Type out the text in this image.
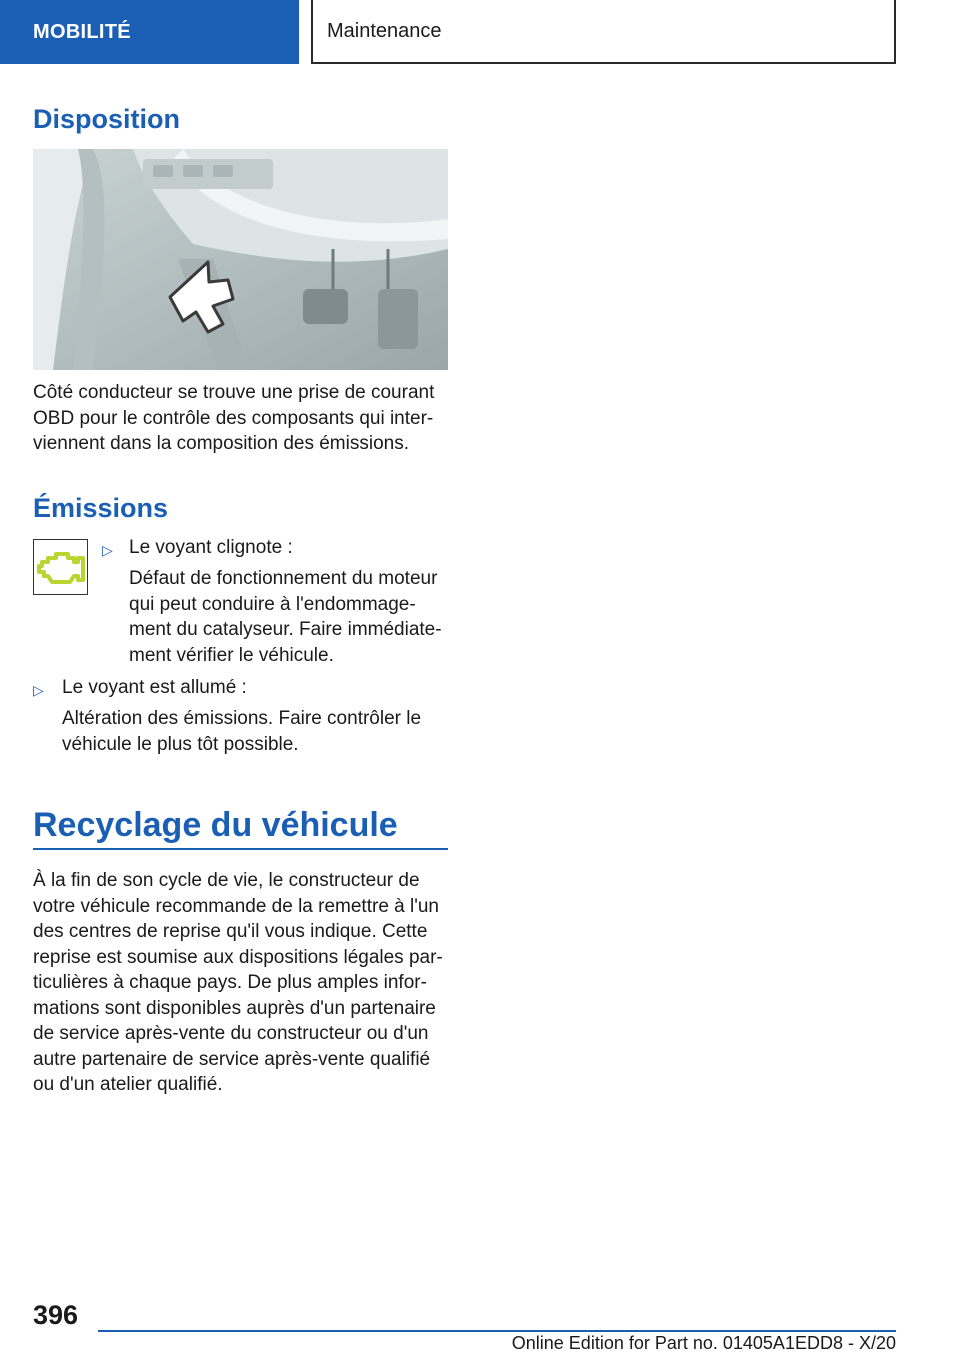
MOBILITÉ	Maintenance
Disposition

Côté conducteur se trouve une prise de courant OBD pour le contrôle des composants qui inter-viennent dans la composition des émissions.

Émissions
▷ Le voyant clignote :

Défaut de fonctionnement du moteur qui peut conduire à l'endommage-ment du catalyseur. Faire immédiate-ment vérifier le véhicule.

▷ Le voyant est allumé :

Altération des émissions. Faire contrôler le véhicule le plus tôt possible.

Recyclage du véhicule

À la fin de son cycle de vie, le constructeur de votre véhicule recommande de la remettre à l'un des centres de reprise qu'il vous indique. Cette reprise est soumise aux dispositions légales par-ticulières à chaque pays. De plus amples infor-mations sont disponibles auprès d'un partenaire de service après-vente du constructeur ou d'un autre partenaire de service après-vente qualifié ou d'un atelier qualifié.

396
Online Edition for Part no. 01405A1EDD8 - X/20
